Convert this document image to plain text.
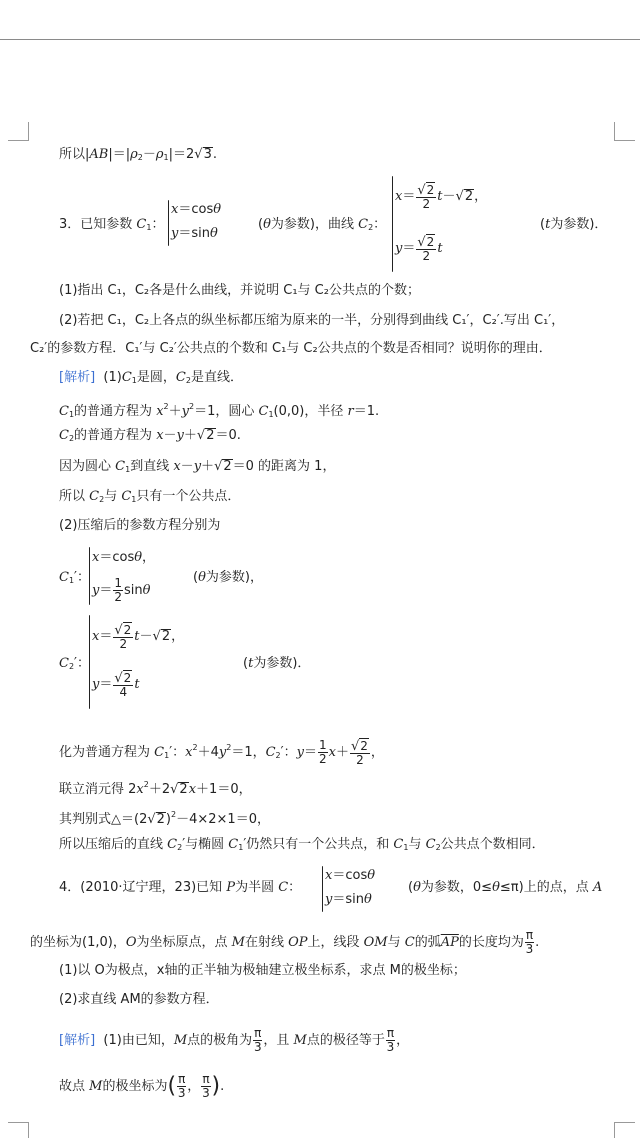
所以$|AB|=|\rho_2-\rho_1|=2√3$.
3．已知参数 $C_1$：
x＝cosθ
y＝sinθ
(θ为参数)，曲线 $C_2$：
$x= \frac{√2}{2} t-√2$，
$y= \frac{√2}{2}$ t
(t为参数)．
(1)指出 C₁，C₂各是什么曲线，并说明 C₁与 C₂公共点的个数；
(2)若把 C₁，C₂上各点的纵坐标都压缩为原来的一半，分别得到曲线 C₁′，C₂′.写出 C₁′，
C₂′的参数方程．C₁′与 C₂′公共点的个数和 C₁与 C₂公共点的个数是否相同？说明你的理由．
[解析]  $(1)C_1$是圆，$C_2$是直线．
$C_1$的普通方程为 $x^2+y^2=1$，圆心 $C_1(0,0)$，半径 r＝1.
$C_2$的普通方程为 x－y＋√2＝0.
因为圆心 $C_1$到直线 x－y＋√2＝0 的距离为 1，
所以 $C_2$与 $C_1$只有一个公共点．
(2)压缩后的参数方程分别为
$C_1'$：
x＝cosθ，
$y= \frac{1}{2}$ sinθ
(θ为参数)，
$C_2'$：
$x= \frac{√2}{2} t-√2$，
$y= \frac{√2}{4}$ t
(t为参数)．
化为普通方程为 $C_1'$：$x^2+4y^2=1$，$C_2'$：$y= \frac{1}{2} x+ \frac{√2}{2}$ ，
联立消元得 $2x^2+2√2x+1=0$，
其判别式$\triangle=(2√2)^2-4\times 2\times 1=0$，
所以压缩后的直线 $C_2'$与椭圆 $C_1'$仍然只有一个公共点，和 $C_1$与 $C_2$公共点个数相同．
4．(2010·辽宁理，23)已知 P为半圆 C：
x＝cosθ
y＝sinθ
(θ为参数，0≤θ≤π)上的点，点 A
的坐标为(1,0)，O为坐标原点，点 M在射线 OP上，线段 OM与 C的弧$\overline{AP}$的长度均为 $\frac{\pi}{3}$ .
(1)以 O为极点，x轴的正半轴为极轴建立极坐标系，求点 M的极坐标；
(2)求直线 AM的参数方程．
[解析]  (1)由已知，M点的极角为 $\frac{\pi}{3}$ ，且 M点的极径等于 $\frac{\pi}{3}$ ，
故点 M的极坐标为( $\frac{\pi}{3}$ ， $\frac{\pi}{3}$ ).
